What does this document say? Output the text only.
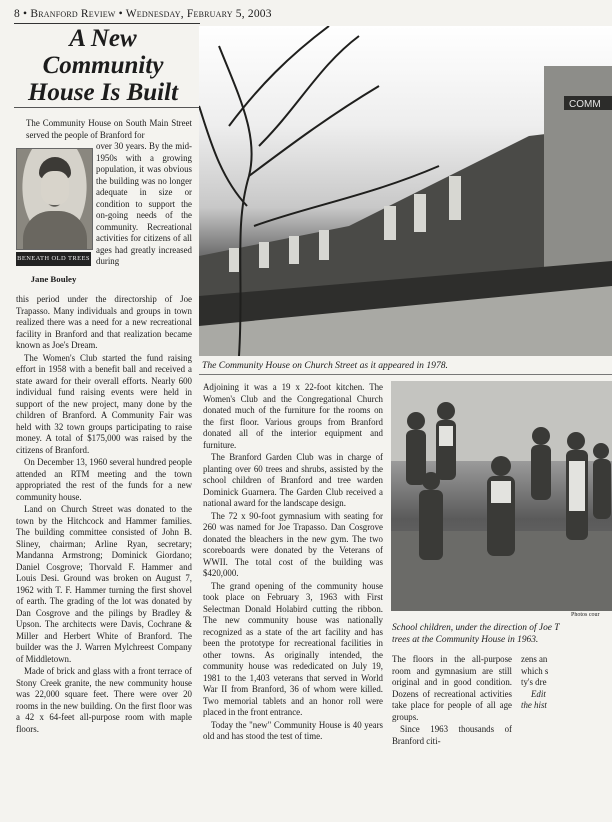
8 • Branford Review • Wednesday, February 5, 2003
A New
Community
House Is Built

The Community House on South Main Street served the people of Branford for

BENEATH OLD TREES
Jane Bouley

over 30 years. By the mid-1950s with a growing population, it was obvious the building was no longer adequate in size or condition to support the on-going needs of the community. Recreational activities for citizens of all ages had greatly increased during

this period under the directorship of Joe Trapasso. Many individuals and groups in town realized there was a need for a new recreational facility in Branford and that realization became known as Joe's Dream.

The Women's Club started the fund raising effort in 1958 with a benefit ball and received a state award for their overall efforts. Nearly 600 individual fund raising events were held in support of the new project, many done by the children of Branford. A Community Fair was held with 32 town groups participating to raise money. A total of $175,000 was raised by the citizens of Branford.

On December 13, 1960 several hundred people attended an RTM meeting and the town appropriated the rest of the funds for a new community house.

Land on Church Street was donated to the town by the Hitchcock and Hammer families. The building committee consisted of John B. Sliney, chairman; Arline Ryan, secretary; Mandanna Armstrong; Dominick Giordano; Daniel Cosgrove; Thorvald F. Hammer and Louis Desi. Ground was broken on August 7, 1962 with T. F. Hammer turning the first shovel of earth. The grading of the lot was donated by Dan Cosgrove and the pilings by Bradley & Upson. The architects were Davis, Cochrane & Miller and Herbert White of Branford. The builder was the J. Warren Mylchreest Company of Middletown.

Made of brick and glass with a front terrace of Stony Creek granite, the new community house was 22,000 square feet. There were over 20 rooms in the new building. On the first floor was a 42 x 64-feet all-purpose room with maple floors.

COMM
The Community House on Church Street as it appeared in 1978.

Adjoining it was a 19 x 22-foot kitchen. The Women's Club and the Congregational Church donated much of the furniture for the rooms on the first floor. Various groups from Branford donated all of the interior equipment and furniture.

The Branford Garden Club was in charge of planting over 60 trees and shrubs, assisted by the school children of Branford and tree warden Dominick Guarnera. The Garden Club received a national award for the landscape design.

The 72 x 90-foot gymnasium with seating for 260 was named for Joe Trapasso. Dan Cosgrove donated the bleachers in the new gym. The two scoreboards were donated by the Veterans of WWII. The total cost of the building was $420,000.

The grand opening of the community house took place on February 3, 1963 with First Selectman Donald Holabird cutting the ribbon. The new community house was nationally recognized as a state of the art facility and has been the prototype for recreational facilities in other towns. As originally intended, the community house was rededicated on July 19, 1981 to the 1,403 veterans that served in World War II from Branford, 36 of whom were killed. Two memorial tablets and an honor roll were placed in the front entrance.

Today the "new" Community House is 40 years old and has stood the test of time.

Photos cour
School children, under the direction of Joe T
trees at the Community House in 1963.

The floors in the all-purpose room and gymnasium are still original and in good condition. Dozens of recreational activities take place for people of all age groups.

Since 1963 thousands of Branford citi-

zens an
which s
ty's dre
Edit
the hist
